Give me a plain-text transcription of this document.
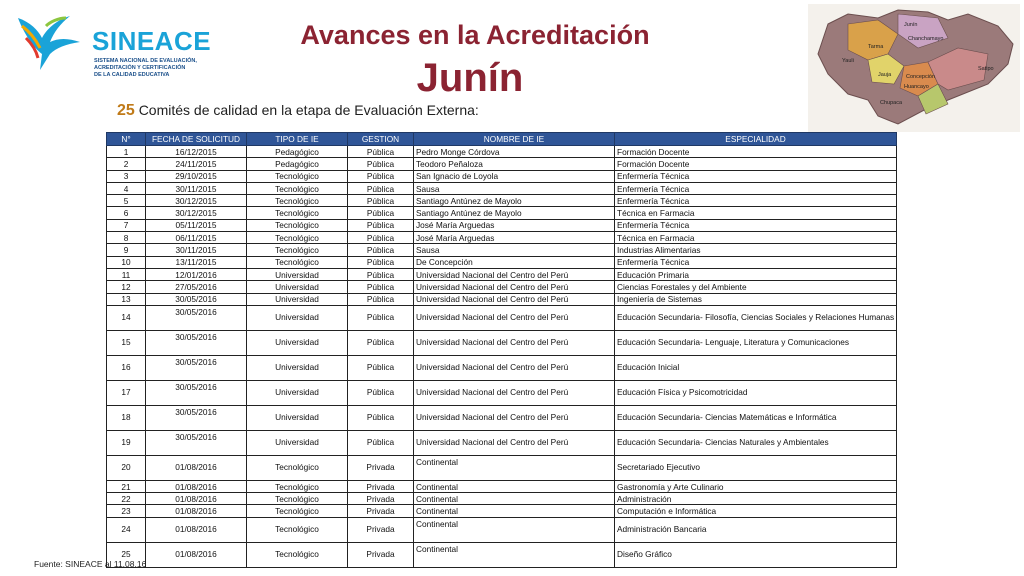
SINEACE
SISTEMA NACIONAL DE EVALUACIÓN,
ACREDITACIÓN Y CERTIFICACIÓN
DE LA CALIDAD EDUCATIVA
Avances en la Acreditación
Junín
25 Comités de calidad en la etapa de Evaluación Externa:
Junín
Chanchamayo
Tarma
Yauli
Satipo
Jauja	Concepción
Huancayo
Chupaca
N°	FECHA DE SOLICITUD	TIPO DE IE	GESTION	NOMBRE DE IE	ESPECIALIDAD
1	16/12/2015	Pedagógico	Pública	Pedro Monge Córdova	Formación Docente
2	24/11/2015	Pedagógico	Pública	Teodoro Peñaloza	Formación Docente
3	29/10/2015	Tecnológico	Pública	San Ignacio de Loyola	Enfermería Técnica
4	30/11/2015	Tecnológico	Pública	Sausa	Enfermería Técnica
5	30/12/2015	Tecnológico	Pública	Santiago Antúnez de Mayolo	Enfermería Técnica
6	30/12/2015	Tecnológico	Pública	Santiago Antúnez de Mayolo	Técnica en Farmacia
7	05/11/2015	Tecnológico	Pública	José María Arguedas	Enfermería Técnica
8	06/11/2015	Tecnológico	Pública	José María Arguedas	Técnica en Farmacia
9	30/11/2015	Tecnológico	Pública	Sausa	Industrias Alimentarias
10	13/11/2015	Tecnológico	Pública	De Concepción	Enfermería Técnica
11	12/01/2016	Universidad	Pública	Universidad Nacional del Centro del Perú	Educación Primaria
12	27/05/2016	Universidad	Pública	Universidad Nacional del Centro del Perú	Ciencias Forestales y del Ambiente
13	30/05/2016	Universidad	Pública	Universidad Nacional del Centro del Perú	Ingeniería de Sistemas
14	30/05/2016	Universidad	Pública	Universidad Nacional del Centro del Perú	Educación Secundaria- Filosofía, Ciencias Sociales y Relaciones Humanas
15	30/05/2016	Universidad	Pública	Universidad Nacional del Centro del Perú	Educación Secundaria- Lenguaje, Literatura y Comunicaciones
16	30/05/2016	Universidad	Pública	Universidad Nacional del Centro del Perú	Educación Inicial
17	30/05/2016	Universidad	Pública	Universidad Nacional del Centro del Perú	Educación Física y Psicomotricidad
18	30/05/2016	Universidad	Pública	Universidad Nacional del Centro del Perú	Educación Secundaria- Ciencias Matemáticas e Informática
19	30/05/2016	Universidad	Pública	Universidad Nacional del Centro del Perú	Educación Secundaria- Ciencias Naturales y Ambientales
20	01/08/2016	Tecnológico	Privada	Continental	Secretariado Ejecutivo
21	01/08/2016	Tecnológico	Privada	Continental	Gastronomía y Arte Culinario
22	01/08/2016	Tecnológico	Privada	Continental	Administración
23	01/08/2016	Tecnológico	Privada	Continental	Computación e Informática
24	01/08/2016	Tecnológico	Privada	Continental	Administración Bancaria
25	01/08/2016	Tecnológico	Privada	Continental	Diseño Gráfico
Fuente: SINEACE al 11.08.16
